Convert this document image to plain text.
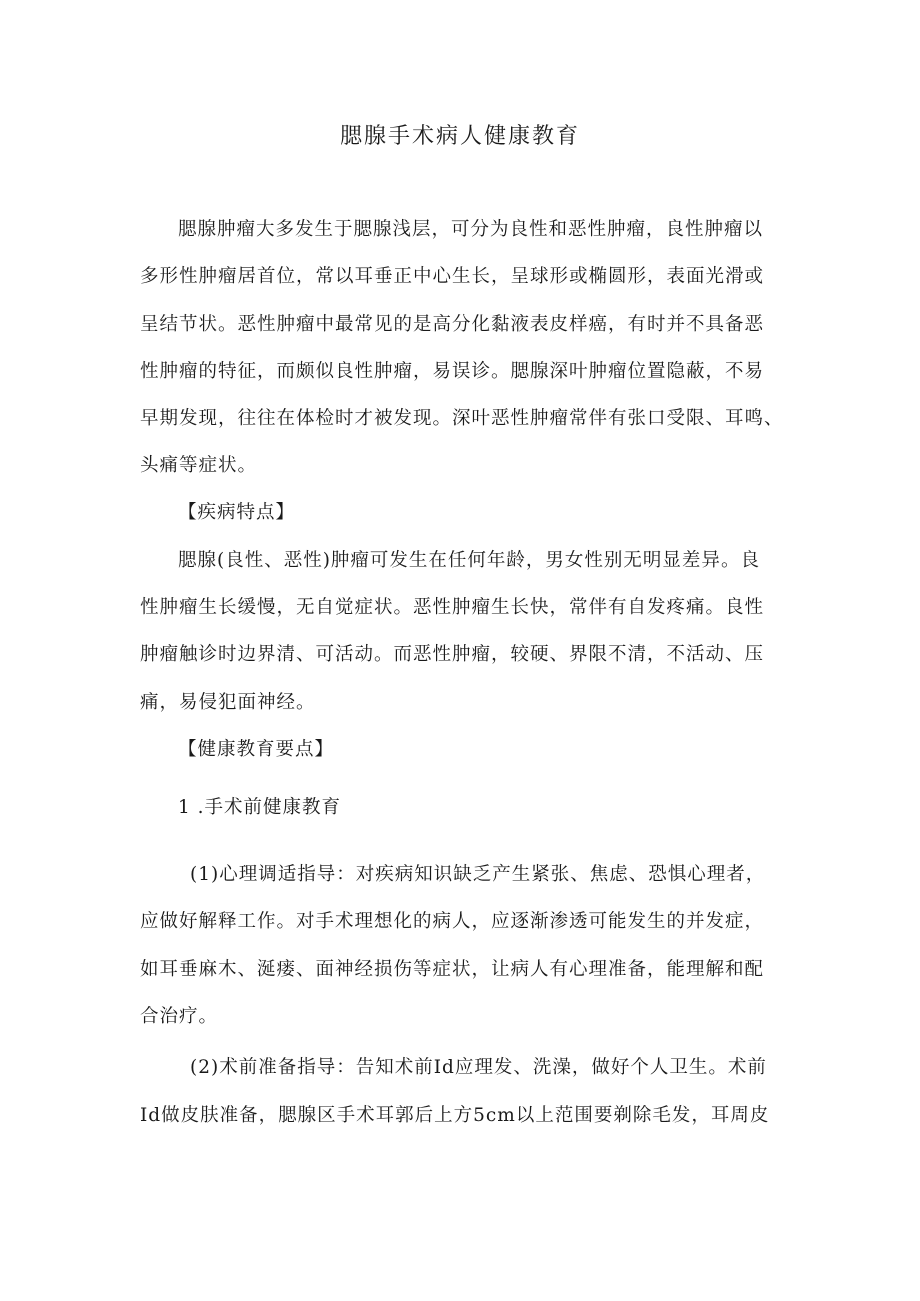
腮腺手术病人健康教育
腮腺肿瘤大多发生于腮腺浅层，可分为良性和恶性肿瘤，良性肿瘤以
多形性肿瘤居首位，常以耳垂正中心生长，呈球形或椭圆形，表面光滑或
呈结节状。恶性肿瘤中最常见的是高分化黏液表皮样癌，有时并不具备恶
性肿瘤的特征，而颇似良性肿瘤，易误诊。腮腺深叶肿瘤位置隐蔽，不易
早期发现，往往在体检时才被发现。深叶恶性肿瘤常伴有张口受限、耳鸣、
头痛等症状。
【疾病特点】
腮腺(良性、恶性)肿瘤可发生在任何年龄，男女性别无明显差异。良
性肿瘤生长缓慢，无自觉症状。恶性肿瘤生长快，常伴有自发疼痛。良性
肿瘤触诊时边界清、可活动。而恶性肿瘤，较硬、界限不清，不活动、压
痛，易侵犯面神经。
【健康教育要点】
1 .手术前健康教育
(1)心理调适指导：对疾病知识缺乏产生紧张、焦虑、恐惧心理者，
应做好解释工作。对手术理想化的病人，应逐渐渗透可能发生的并发症，
如耳垂麻木、涎瘘、面神经损伤等症状，让病人有心理准备，能理解和配
合治疗。
(2)术前准备指导：告知术前Id应理发、洗澡，做好个人卫生。术前
Id做皮肤准备，腮腺区手术耳郭后上方5cm以上范围要剃除毛发，耳周皮
